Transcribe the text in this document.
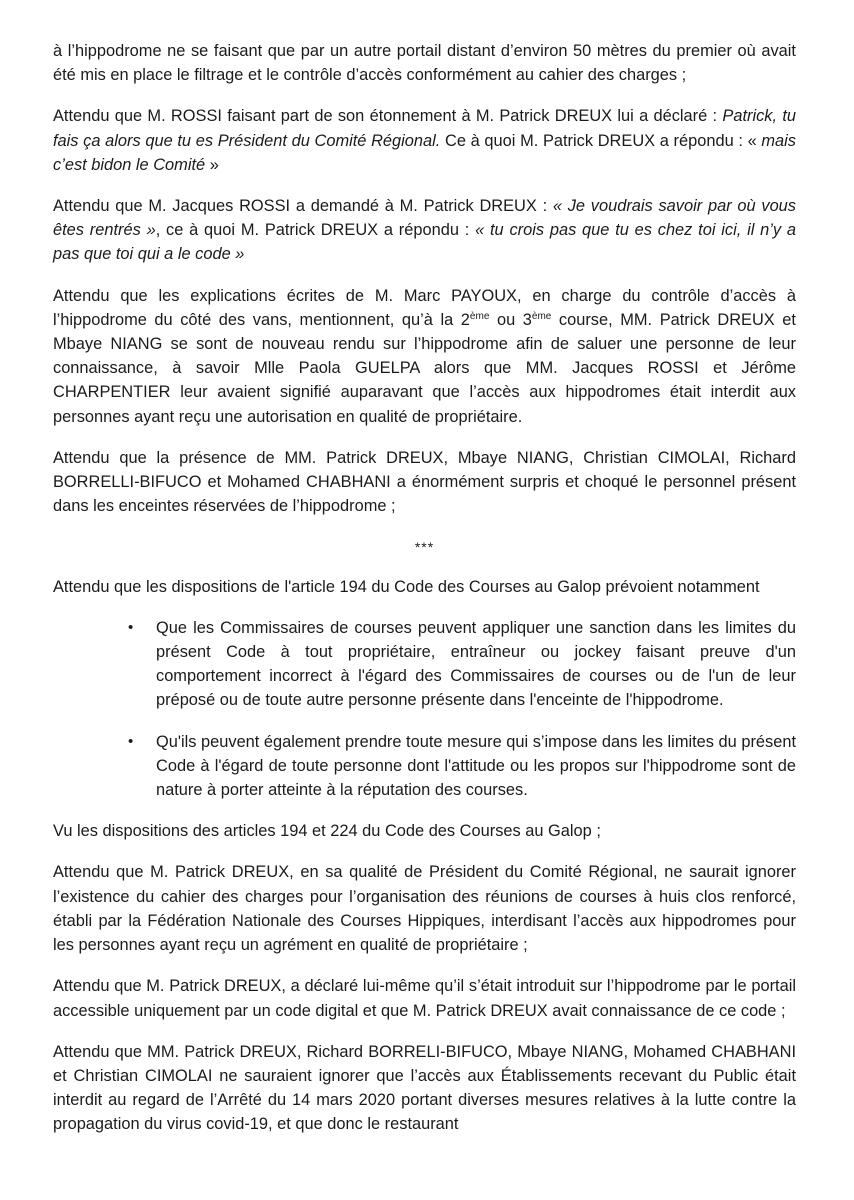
à l’hippodrome ne se faisant que par un autre portail distant d’environ 50 mètres du premier où avait été mis en place le filtrage et le contrôle d’accès conformément au cahier des charges ;

Attendu que M. ROSSI faisant part de son étonnement à M. Patrick DREUX lui a déclaré : Patrick, tu fais ça alors que tu es Président du Comité Régional. Ce à quoi M. Patrick DREUX a répondu : « mais c’est bidon le Comité »

Attendu que M. Jacques ROSSI a demandé à M. Patrick DREUX : « Je voudrais savoir par où vous êtes rentrés », ce à quoi M. Patrick DREUX a répondu : « tu crois pas que tu es chez toi ici, il n’y a pas que toi qui a le code »

Attendu que les explications écrites de M. Marc PAYOUX, en charge du contrôle d’accès à l’hippodrome du côté des vans, mentionnent, qu’à la 2ème ou 3ème course, MM. Patrick DREUX et Mbaye NIANG se sont de nouveau rendu sur l’hippodrome afin de saluer une personne de leur connaissance, à savoir Mlle Paola GUELPA alors que MM. Jacques ROSSI et Jérôme CHARPENTIER leur avaient signifié auparavant que l’accès aux hippodromes était interdit aux personnes ayant reçu une autorisation en qualité de propriétaire.

Attendu que la présence de MM. Patrick DREUX, Mbaye NIANG, Christian CIMOLAI, Richard BORRELLI-BIFUCO et Mohamed CHABHANI a énormément surpris et choqué le personnel présent dans les enceintes réservées de l’hippodrome ;

***

Attendu que les dispositions de l'article 194 du Code des Courses au Galop prévoient notamment

• Que les Commissaires de courses peuvent appliquer une sanction dans les limites du présent Code à tout propriétaire, entraîneur ou jockey faisant preuve d'un comportement incorrect à l'égard des Commissaires de courses ou de l'un de leur préposé ou de toute autre personne présente dans l'enceinte de l'hippodrome.
• Qu'ils peuvent également prendre toute mesure qui s’impose dans les limites du présent Code à l'égard de toute personne dont l'attitude ou les propos sur l'hippodrome sont de nature à porter atteinte à la réputation des courses.

Vu les dispositions des articles 194 et 224 du Code des Courses au Galop ;

Attendu que M. Patrick DREUX, en sa qualité de Président du Comité Régional, ne saurait ignorer l’existence du cahier des charges pour l’organisation des réunions de courses à huis clos renforcé, établi par la Fédération Nationale des Courses Hippiques, interdisant l’accès aux hippodromes pour les personnes ayant reçu un agrément en qualité de propriétaire ;

Attendu que M. Patrick DREUX, a déclaré lui-même qu’il s’était introduit sur l’hippodrome par le portail accessible uniquement par un code digital et que M. Patrick DREUX avait connaissance de ce code ;

Attendu que MM. Patrick DREUX, Richard BORRELI-BIFUCO, Mbaye NIANG, Mohamed CHABHANI et Christian CIMOLAI ne sauraient ignorer que l’accès aux Établissements recevant du Public était interdit au regard de l’Arrêté du 14 mars 2020 portant diverses mesures relatives à la lutte contre la propagation du virus covid-19, et que donc le restaurant
